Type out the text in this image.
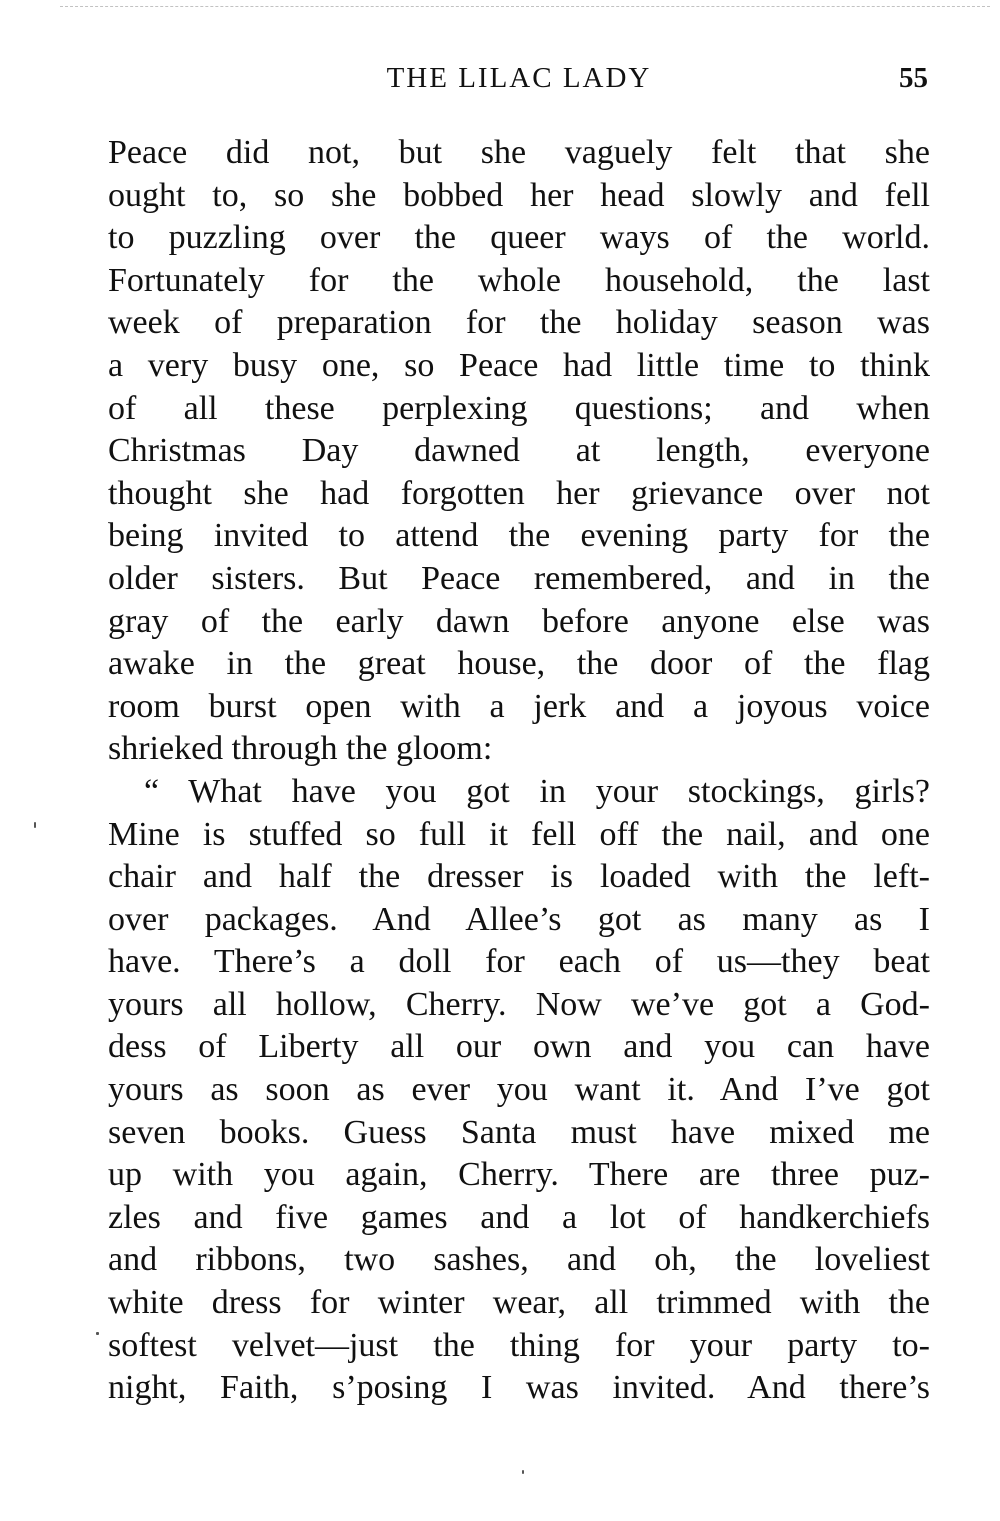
THE LILAC LADY	55
Peace did not, but she vaguely felt that she
ought to, so she bobbed her head slowly and fell
to puzzling over the queer ways of the world.
Fortunately for the whole household, the last
week of preparation for the holiday season was
a very busy one, so Peace had little time to think
of all these perplexing questions; and when
Christmas Day dawned at length, everyone
thought she had forgotten her grievance over not
being invited to attend the evening party for the
older sisters. But Peace remembered, and in the
gray of the early dawn before anyone else was
awake in the great house, the door of the flag
room burst open with a jerk and a joyous voice
shrieked through the gloom:
“ What have you got in your stockings, girls?
Mine is stuffed so full it fell off the nail, and one
chair and half the dresser is loaded with the left-
over packages. And Allee’s got as many as I
have. There’s a doll for each of us—they beat
yours all hollow, Cherry. Now we’ve got a God-
dess of Liberty all our own and you can have
yours as soon as ever you want it. And I’ve got
seven books. Guess Santa must have mixed me
up with you again, Cherry. There are three puz-
zles and five games and a lot of handkerchiefs
and ribbons, two sashes, and oh, the loveliest
white dress for winter wear, all trimmed with the
softest velvet—just the thing for your party to-
night, Faith, s’posing I was invited. And there’s
